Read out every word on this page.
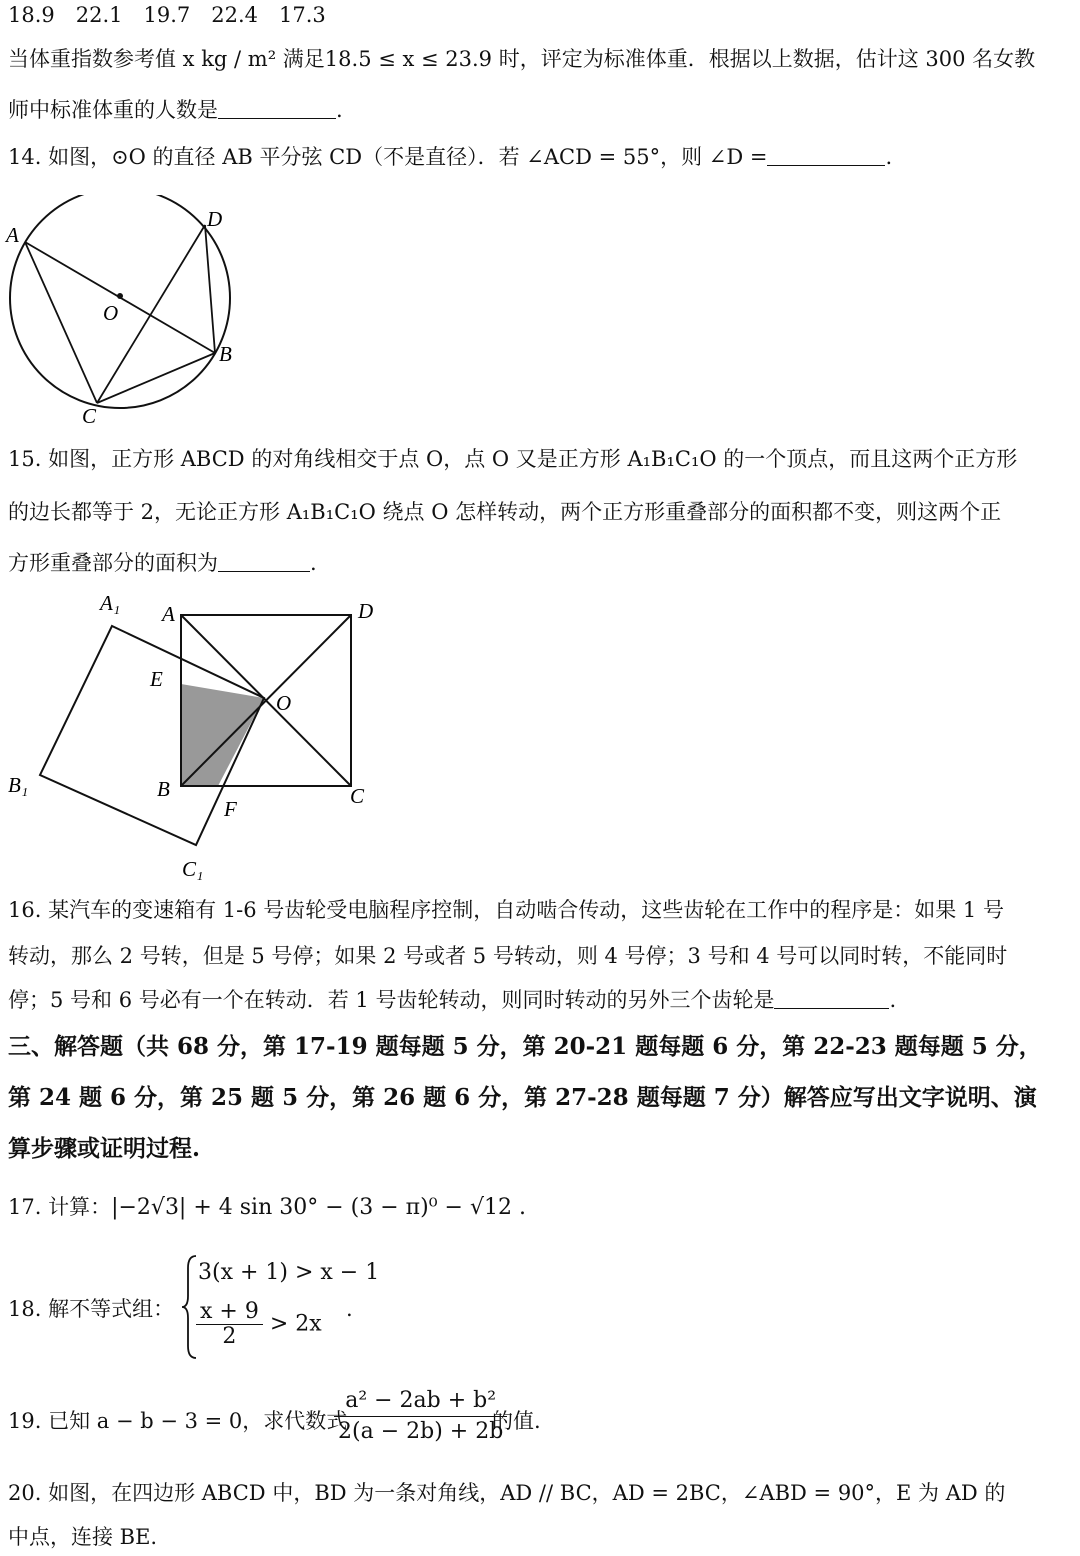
18.9　22.1　19.7　22.4　17.3
当体重指数参考值 x kg / m² 满足18.5 ≤ x ≤ 23.9 时，评定为标准体重．根据以上数据，估计这 300 名女教
师中标准体重的人数是	.
14. 如图，⊙O 的直径 AB 平分弦 CD（不是直径）．若 ∠ACD = 55°，则 ∠D =	.
A
D
O
B
C
15. 如图，正方形 ABCD 的对角线相交于点 O，点 O 又是正方形 A₁B₁C₁O 的一个顶点，而且这两个正方形
的边长都等于 2，无论正方形 A₁B₁C₁O 绕点 O 怎样转动，两个正方形重叠部分的面积都不变，则这两个正
方形重叠部分的面积为	.
A₁ A	D
E
O
B₁	B
F
C
C₁
16. 某汽车的变速箱有 1-6 号齿轮受电脑程序控制，自动啮合传动，这些齿轮在工作中的程序是：如果 1 号
转动，那么 2 号转，但是 5 号停；如果 2 号或者 5 号转动，则 4 号停；3 号和 4 号可以同时转，不能同时
停；5 号和 6 号必有一个在转动．若 1 号齿轮转动，则同时转动的另外三个齿轮是	.
三、解答题（共 68 分，第 17-19 题每题 5 分，第 20-21 题每题 6 分，第 22-23 题每题 5 分，
第 24 题 6 分，第 25 题 5 分，第 26 题 6 分，第 27-28 题每题 7 分）解答应写出文字说明、演
算步骤或证明过程.
17. 计算：|−2√3| + 4 sin 30° − (3 − π)⁰ − √12 .
18. 解不等式组：
3(x + 1) > x − 1
$\frac{x + 9}{2} > 2x$
.
19. 已知 a − b − 3 = 0，求代数式
$\frac{\text{a² − 2ab + b²}}{2(a - 2b) + 2b}$
的值.
20. 如图，在四边形 ABCD 中，BD 为一条对角线，AD // BC，AD = 2BC，∠ABD = 90°，E 为 AD 的
中点，连接 BE.
